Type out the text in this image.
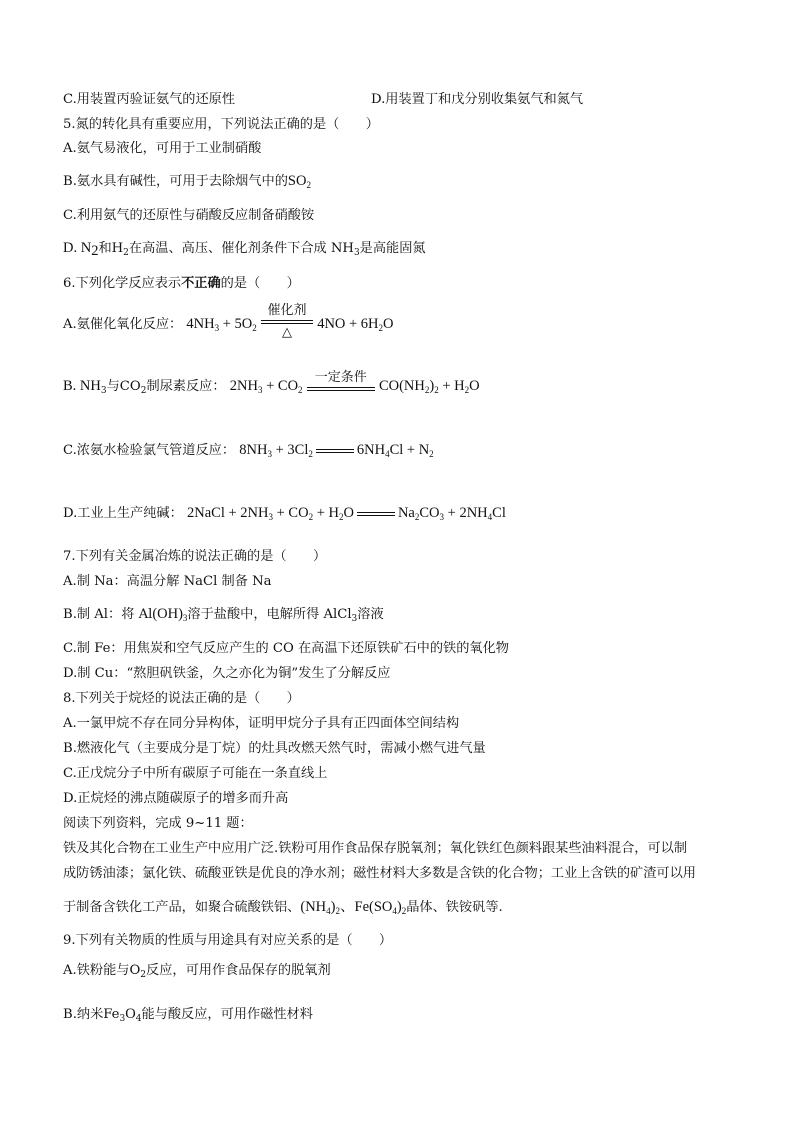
C.用装置丙验证氨气的还原性	D.用装置丁和戊分别收集氨气和氮气
5.氮的转化具有重要应用，下列说法正确的是（　　）
A.氨气易液化，可用于工业制硝酸
B.氨水具有碱性，可用于去除烟气中的$SO_2$
C.利用氨气的还原性与硝酸反应制备硝酸铵
D. $N_2$和$H_2$在高温、高压、催化剂条件下合成 $NH_3$是高能固氮
6.下列化学反应表示不正确的是（　　）
A.氨催化氧化反应： $4NH_3 + 5O_2$
催化剂
△	$4NO + 6H_2O$
B. $NH_3$与$CO_2$制尿素反应： $2NH_3 + CO_2$
一定条件
$CO(NH_2)_2 + H_2O$
C.浓氨水检验氯气管道反应： $8NH_3 + 3Cl_2$	$6NH_4Cl + N_2$
D.工业上生产纯碱： 2NaCl + $2NH_3 + CO_2 + H_2O$	$Na_2CO_3 + 2NH_4Cl$
7.下列有关金属冶炼的说法正确的是（　　）
A.制 Na：高温分解 NaCl 制备 Na
B.制 Al：将 $Al(OH)_3$溶于盐酸中，电解所得 AlCl$_3$溶液
C.制 Fe：用焦炭和空气反应产生的 CO 在高温下还原铁矿石中的铁的氧化物
D.制 Cu：“熬胆矾铁釜，久之亦化为铜”发生了分解反应
8.下列关于烷烃的说法正确的是（　　）
A.一氯甲烷不存在同分异构体，证明甲烷分子具有正四面体空间结构
B.燃液化气（主要成分是丁烷）的灶具改燃天然气时，需减小燃气进气量
C.正戊烷分子中所有碳原子可能在一条直线上
D.正烷烃的沸点随碳原子的增多而升高
阅读下列资料，完成 9~11 题：
铁及其化合物在工业生产中应用广泛.铁粉可用作食品保存脱氧剂；氧化铁红色颜料跟某些油料混合，可以制
成防锈油漆；氯化铁、硫酸亚铁是优良的净水剂；磁性材料大多数是含铁的化合物；工业上含铁的矿渣可以用
于制备含铁化工产品，如聚合硫酸铁铝、$(NH_4)_2$、$Fe(SO_4)_2$晶体、铁铵矾等.
9.下列有关物质的性质与用途具有对应关系的是（　　）
A.铁粉能与$O_2$反应，可用作食品保存的脱氧剂
B.纳米$Fe_3O_4$能与酸反应，可用作磁性材料
